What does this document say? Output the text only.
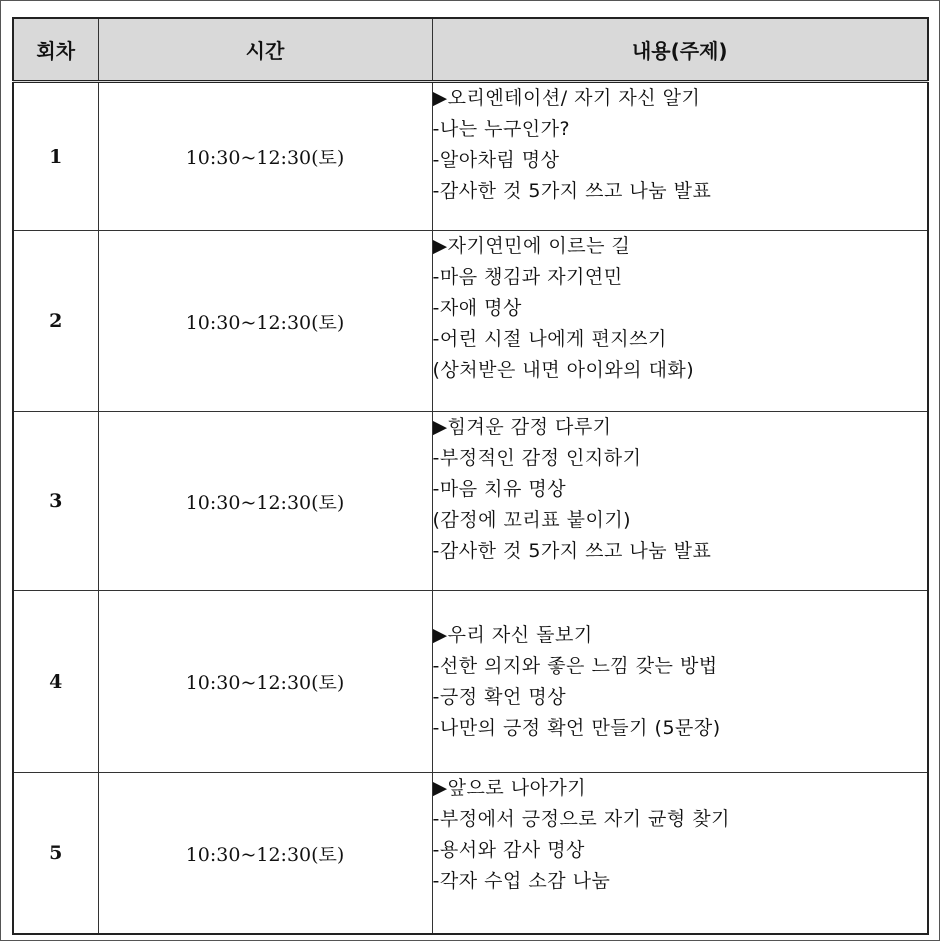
회차	시간	내용(주제)
1	10:30~12:30(토)	▶오리엔테이션/ 자기 자신 알기
-나는 누구인가?
-알아차림 명상
-감사한 것 5가지 쓰고 나눔 발표

2	10:30~12:30(토)	▶자기연민에 이르는 길
-마음 챙김과 자기연민
-자애 명상
-어린 시절 나에게 편지쓰기
(상처받은 내면 아이와의 대화)

3	10:30~12:30(토)	▶힘겨운 감정 다루기
-부정적인 감정 인지하기
-마음 치유 명상
(감정에 꼬리표 붙이기)
-감사한 것 5가지 쓰고 나눔 발표

4	10:30~12:30(토)	▶우리 자신 돌보기
-선한 의지와 좋은 느낌 갖는 방법
-긍정 확언 명상
-나만의 긍정 확언 만들기 (5문장)

5	10:30~12:30(토)	▶앞으로 나아가기
-부정에서 긍정으로 자기 균형 찾기
-용서와 감사 명상
-각자 수업 소감 나눔
